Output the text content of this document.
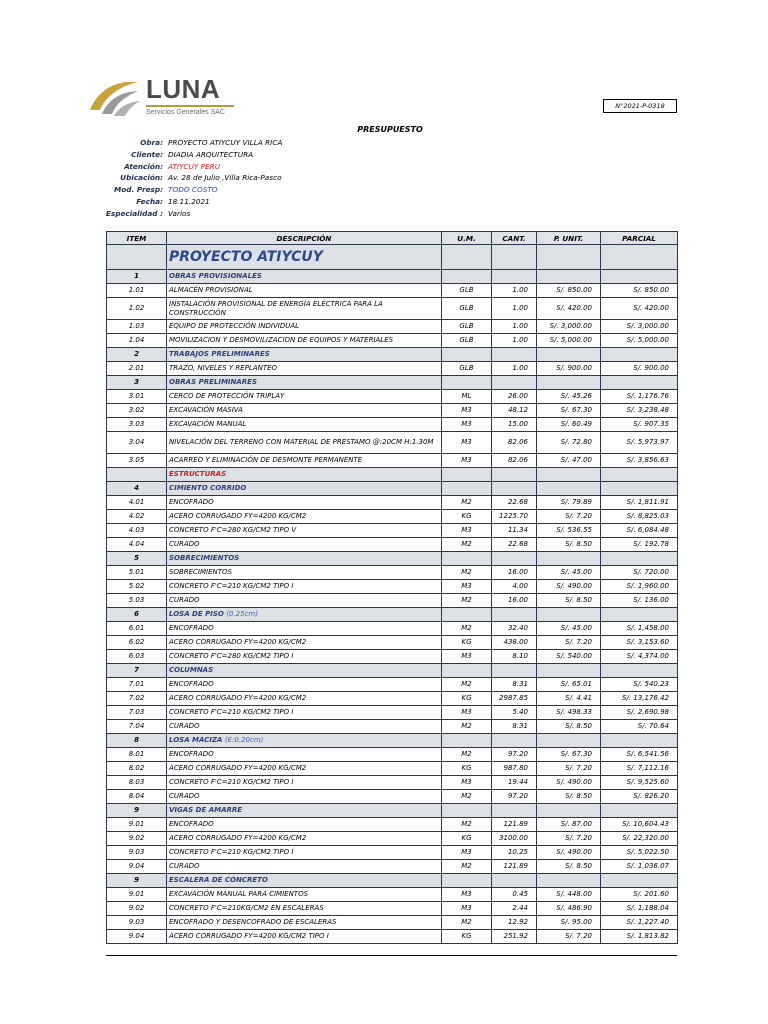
LUNA
Servicios Generales SAC
N°2021-P-0318
PRESUPUESTO
Obra: PROYECTO ATIYCUY VILLA RICA
Cliente: DIADIA ARQUITECTURA
Atención: ATIYCUY PERU
Ubicación: Av. 28 de Julio ,Villa Rica-Pasco
Mod. Presp: TODO COSTO
Fecha: 18.11.2021
Especialidad : Varios
ITEM	DESCRIPCIÓN	U.M.	CANT.	P. UNIT.	PARCIAL
	PROYECTO ATIYCUY				
1	OBRAS PROVISIONALES				
1.01	ALMACÉN PROVISIONAL	GLB	1.00	S/. 850.00	S/. 850.00
1.02	INSTALACIÓN PROVISIONAL DE ENERGÍA ELÉCTRICA PARA LA CONSTRUCCIÓN	GLB	1.00	S/. 420.00	S/. 420.00
1.03	EQUIPO DE PROTECCIÓN INDIVIDUAL	GLB	1.00	S/. 3,000.00	S/. 3,000.00
1.04	MOVILIZACION Y DESMOVILIZACION DE EQUIPOS Y MATERIALES	GLB	1.00	S/. 5,000.00	S/. 5,000.00
2	TRABAJOS PRELIMINARES				
2.01	TRAZO, NIVELES Y REPLANTEO	GLB	1.00	S/. 900.00	S/. 900.00
3	OBRAS PRELIMINARES				
3.01	CERCO DE PROTECCIÓN TRIPLAY	ML	26.00	S/. 45.26	S/. 1,176.76
3.02	EXCAVACIÓN MASIVA	M3	48.12	S/. 67.30	S/. 3,238.48
3.03	EXCAVACIÓN MANUAL	M3	15.00	S/. 60.49	S/. 907.35
3.04	NIVELACIÓN DEL TERRENO CON MATERIAL DE PRESTAMO @:20CM H:1.30M	M3	82.06	S/. 72.80	S/. 5,973.97
3.05	ACARREO Y ELIMINACIÓN DE DESMONTE PERMANENTE	M3	82.06	S/. 47.00	S/. 3,856.63
	ESTRUCTURAS				
4	CIMIENTO CORRIDO				
4.01	ENCOFRADO	M2	22.68	S/. 79.89	S/. 1,811.91
4.02	ACERO CORRUGADO FY=4200 KG/CM2	KG	1225.70	S/. 7.20	S/. 8,825.03
4.03	CONCRETO F'C=280 KG/CM2 TIPO V	M3	11.34	S/. 536.55	S/. 6,084.48
4.04	CURADO	M2	22.68	S/. 8.50	S/. 192.78
5	SOBRECIMIENTOS				
5.01	SOBRECIMIENTOS	M2	16.00	S/. 45.00	S/. 720.00
5.02	CONCRETO F'C=210 KG/CM2 TIPO I	M3	4.00	S/. 490.00	S/. 1,960.00
5.03	CURADO	M2	16.00	S/. 8.50	S/. 136.00
6	LOSA DE PISO (0.25cm)				
6.01	ENCOFRADO	M2	32.40	S/. 45.00	S/. 1,458.00
6.02	ACERO CORRUGADO FY=4200 KG/CM2	KG	438.00	S/. 7.20	S/. 3,153.60
6.03	CONCRETO F'C=280 KG/CM2 TIPO I	M3	8.10	S/. 540.00	S/. 4,374.00
7	COLUMNAS				
7.01	ENCOFRADO	M2	8.31	S/. 65.01	S/. 540.23
7.02	ACERO CORRUGADO FY=4200 KG/CM2	KG	2987.85	S/. 4.41	S/. 13,176.42
7.03	CONCRETO F'C=210 KG/CM2 TIPO I	M3	5.40	S/. 498.33	S/. 2,690.98
7.04	CURADO	M2	8.31	S/. 8.50	S/. 70.64
8	LOSA MACIZA (E:0.20cm)				
8.01	ENCOFRADO	M2	97.20	S/. 67.30	S/. 6,541.56
8.02	ACERO CORRUGADO FY=4200 KG/CM2	KG	987.80	S/. 7.20	S/. 7,112.16
8.03	CONCRETO F'C=210 KG/CM2 TIPO I	M3	19.44	S/. 490.00	S/. 9,525.60
8.04	CURADO	M2	97.20	S/. 8.50	S/. 826.20
9	VIGAS DE AMARRE				
9.01	ENCOFRADO	M2	121.89	S/. 87.00	S/. 10,604.43
9.02	ACERO CORRUGADO FY=4200 KG/CM2	KG	3100.00	S/. 7.20	S/. 22,320.00
9.03	CONCRETO F'C=210 KG/CM2 TIPO I	M3	10.25	S/. 490.00	S/. 5,022.50
9.04	CURADO	M2	121.89	S/. 8.50	S/. 1,036.07
9	ESCALERA DE CONCRETO				
9.01	EXCAVACIÓN MANUAL PARA CIMIENTOS	M3	0.45	S/. 448.00	S/. 201.60
9.02	CONCRETO F'C=210KG/CM2 EN ESCALERAS	M3	2.44	S/. 486.90	S/. 1,188.04
9.03	ENCOFRADO Y DESENCOFRADO DE ESCALERAS	M2	12.92	S/. 95.00	S/. 1,227.40
9.04	ACERO CORRUGADO FY=4200 KG/CM2 TIPO I	KG	251.92	S/. 7.20	S/. 1,813.82
